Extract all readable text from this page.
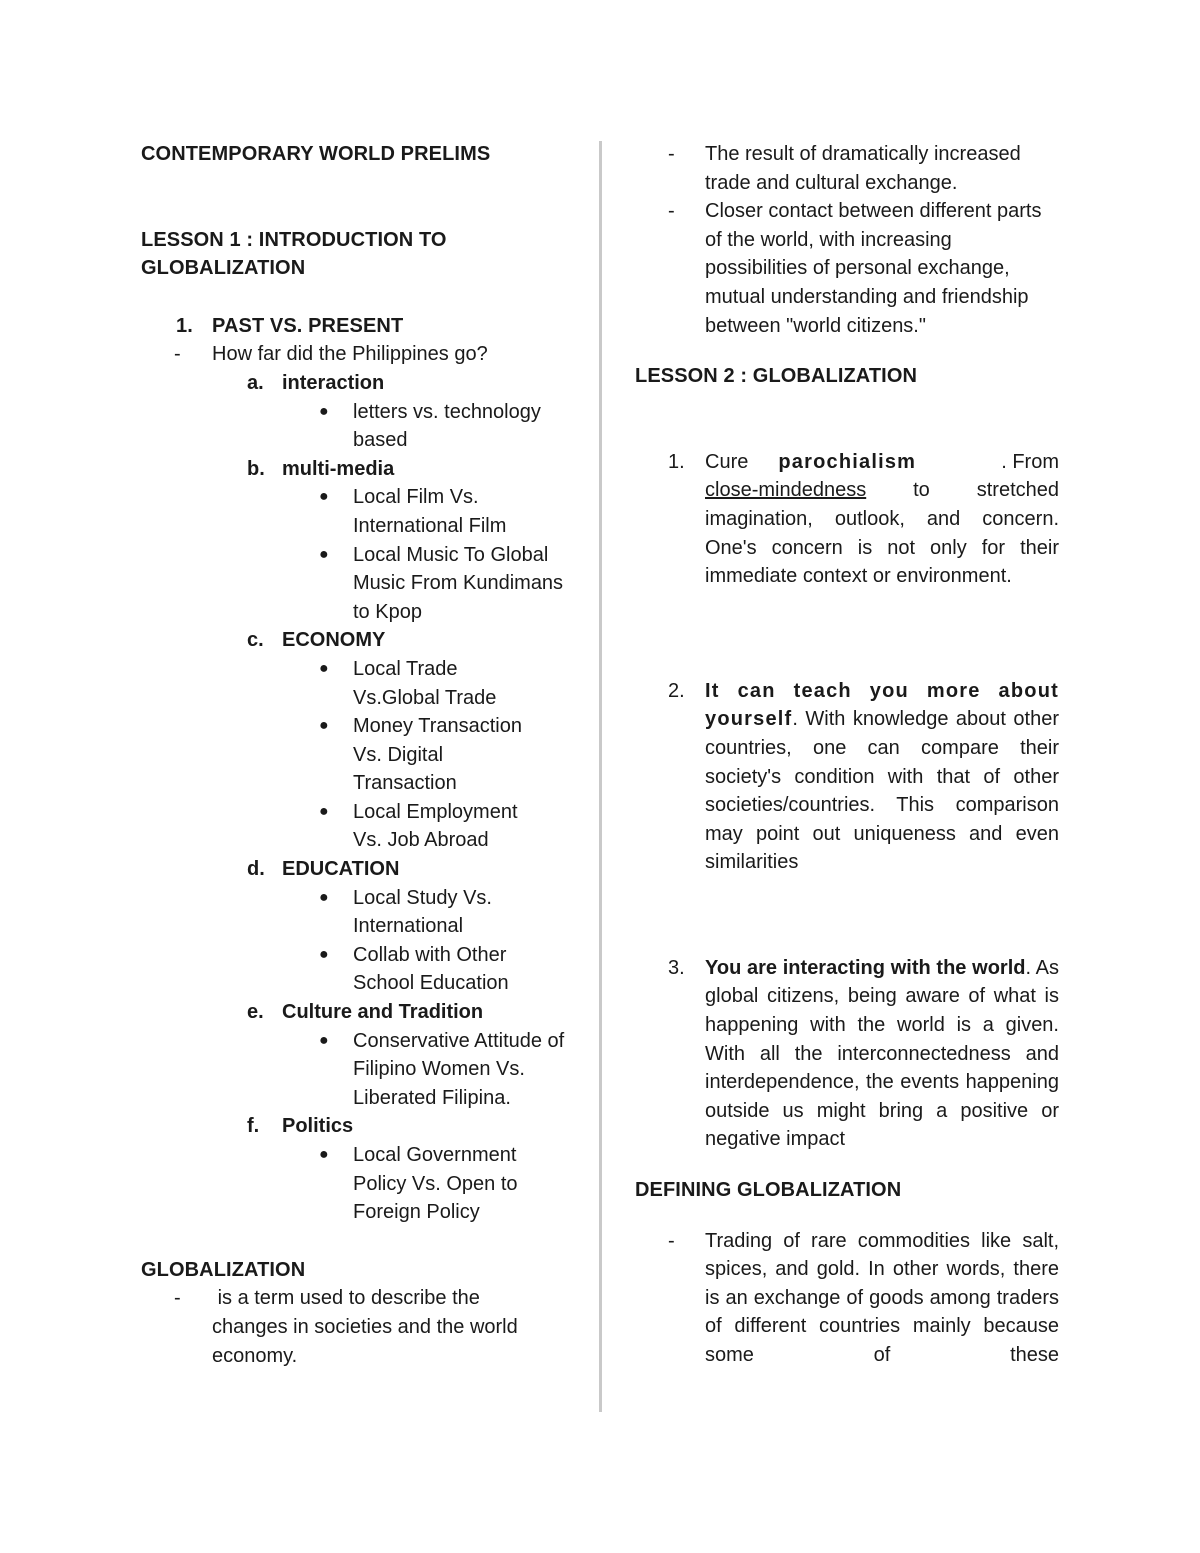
CONTEMPORARY WORLD PRELIMS
LESSON 1 : INTRODUCTION TO GLOBALIZATION
1. PAST VS. PRESENT
-	How far did the Philippines go?
a. interaction
●	letters vs. technology based
b. multi-media
●	Local Film Vs. International Film
●	Local Music To Global Music From Kundimans to Kpop
c. ECONOMY
●	Local Trade Vs.Global Trade
●	Money Transaction Vs. Digital Transaction
●	Local Employment Vs. Job Abroad
d. EDUCATION
●	Local Study Vs. International
●	Collab with Other School Education
e. Culture and Tradition
●	Conservative Attitude of Filipino Women Vs. Liberated Filipina.
f.	Politics
●	Local Government Policy Vs. Open to Foreign Policy
GLOBALIZATION
-	is a term used to describe the changes in societies and the world economy.
-	The result of dramatically increased trade and cultural exchange.
-	Closer contact between different parts of the world, with increasing possibilities of personal exchange, mutual understanding and friendship between "world citizens."
LESSON 2 : GLOBALIZATION
1.	Cure parochialism	. From
close-mindedness to stretched imagination, outlook, and concern. One's concern is not only for their immediate context or environment.
2.	It can teach you more about yourself. With knowledge about other countries, one can compare their society's condition with that of other societies/countries. This comparison may point out uniqueness and even similarities
3.	You are interacting with the world. As global citizens, being aware of what is happening with the world is a given. With all the interconnectedness and interdependence, the events happening outside us might bring a positive or negative impact
DEFINING GLOBALIZATION
-	Trading of rare commodities like salt, spices, and gold. In other words, there is an exchange of goods among traders of different countries mainly because some of these
